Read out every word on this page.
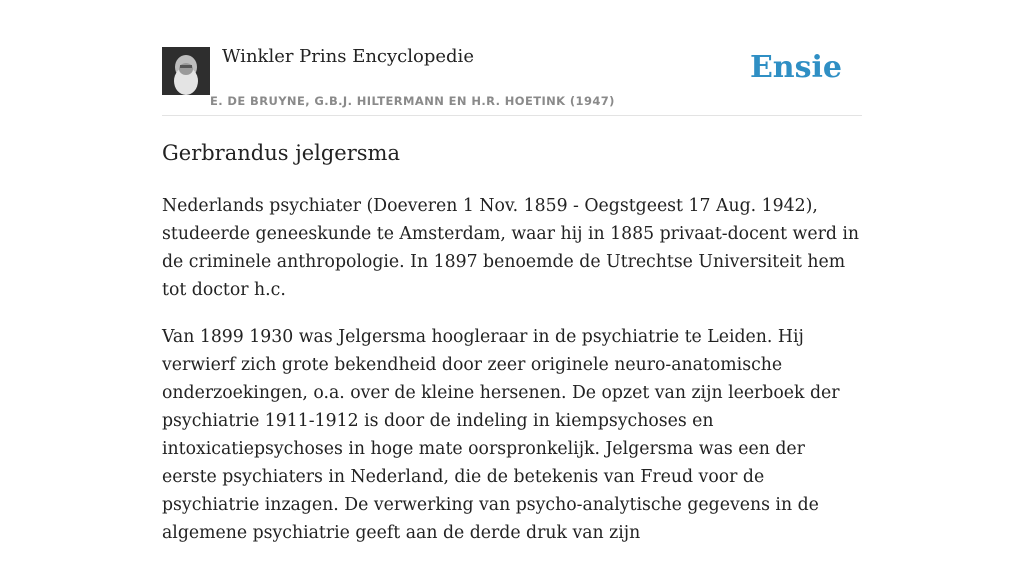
Winkler Prins Encyclopedie
E. DE BRUYNE, G.B.J. HILTERMANN EN H.R. HOETINK (1947)
Ensie
Gerbrandus jelgersma

Nederlands psychiater (Doeveren 1 Nov. 1859 - Oegstgeest 17 Aug. 1942), studeerde geneeskunde te Amsterdam, waar hij in 1885 privaat-docent werd in de criminele anthropologie. In 1897 benoemde de Utrechtse Universiteit hem tot doctor h.c.

Van 1899 1930 was Jelgersma hoogleraar in de psychiatrie te Leiden. Hij verwierf zich grote bekendheid door zeer originele neuro-anatomische onderzoekingen, o.a. over de kleine hersenen. De opzet van zijn leerboek der psychiatrie 1911-1912 is door de indeling in kiempsychoses en intoxicatiepsychoses in hoge mate oorspronkelijk. Jelgersma was een der eerste psychiaters in Nederland, die de betekenis van Freud voor de psychiatrie inzagen. De verwerking van psycho-analytische gegevens in de algemene psychiatrie geeft aan de derde druk van zijn
